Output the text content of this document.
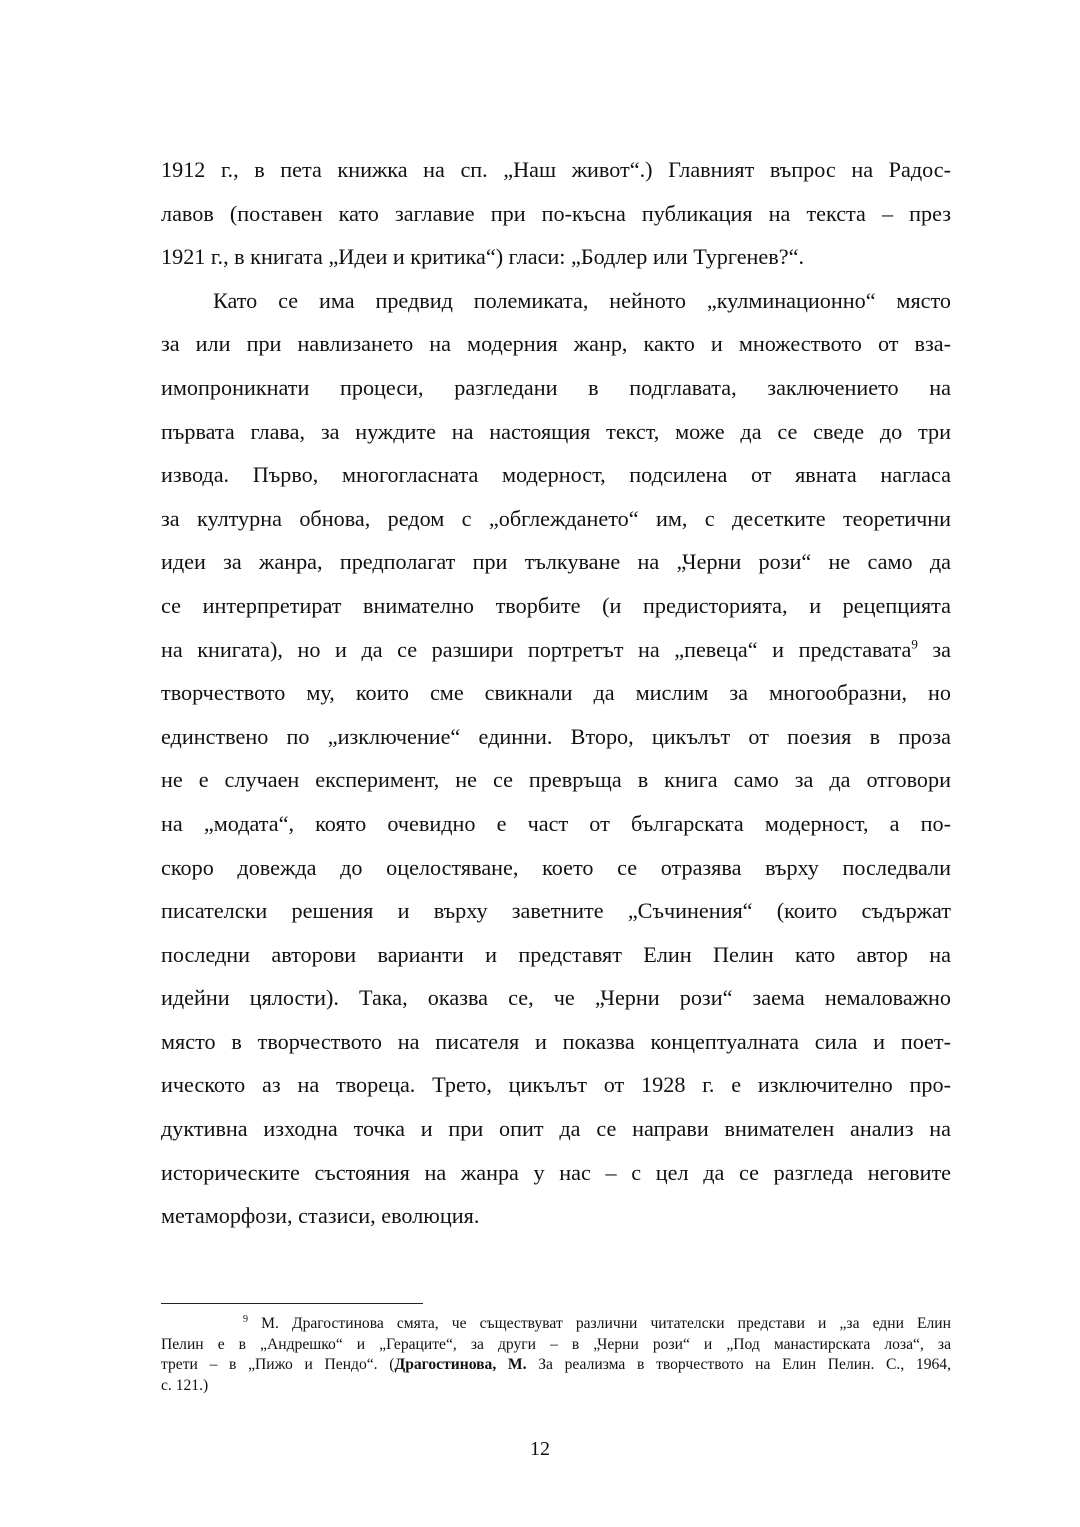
1912 г., в пета книжка на сп. „Наш живот“.) Главният въпрос на Радос-
лавов (поставен като заглавие при по-късна публикация на текста – през
1921 г., в книгата „Идеи и критика“) гласи: „Бодлер или Тургенев?“.
Като се има предвид полемиката, нейното „кулминационно“ място
за или при навлизането на модерния жанр, както и множеството от вза-
имопроникнати процеси, разгледани в подглавата, заключението на
първата глава, за нуждите на настоящия текст, може да се сведе до три
извода. Първо, многогласната модерност, подсилена от явната нагласа
за културна обнова, редом с „обглеждането“ им, с десетките теоретични
идеи за жанра, предполагат при тълкуване на „Черни рози“ не само да
се интерпретират внимателно творбите (и предисторията, и рецепцията
на книгата), но и да се разшири портретът на „певеца“ и представата$^9$ за
творчеството му, които сме свикнали да мислим за многообразни, но
единствено по „изключение“ единни. Второ, цикълът от поезия в проза
не е случаен експеримент, не се превръща в книга само за да отговори
на „модата“, която очевидно е част от българската модерност, а по-
скоро довежда до оцелостяване, което се отразява върху последвали
писателски решения и върху заветните „Съчинения“ (които съдържат
последни авторови варианти и представят Елин Пелин като автор на
идейни цялости). Така, оказва се, че „Черни рози“ заема немаловажно
място в творчеството на писателя и показва концептуалната сила и поет-
ическото аз на твореца. Трето, цикълът от 1928 г. е изключително про-
дуктивна изходна точка и при опит да се направи внимателен анализ на
историческите състояния на жанра у нас – с цел да се разгледа неговите
метаморфози, стазиси, еволюция.
$^9$ М. Драгостинова смята, че съществуват различни читателски представи и „за едни Елин
Пелин е в „Андрешко“ и „Гераците“, за други – в „Черни рози“ и „Под манастирската лоза“, за
трети – в „Пижо и Пендо“. (Драгостинова, М. За реализма в творчеството на Елин Пелин. С., 1964,
с. 121.)
12
